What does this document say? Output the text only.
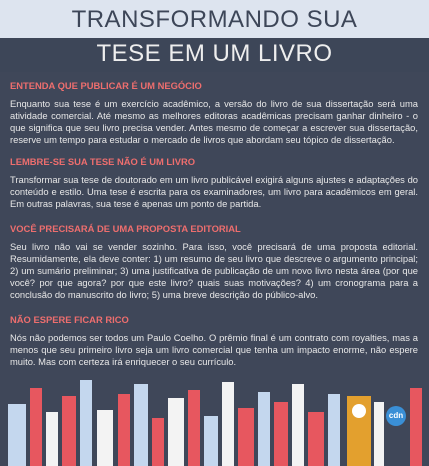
TRANSFORMANDO SUA
TESE EM UM LIVRO

ENTENDA QUE PUBLICAR É UM NEGÓCIO

Enquanto sua tese é um exercício acadêmico, a versão do livro de sua dissertação será uma atividade comercial. Até mesmo as melhores editoras acadêmicas precisam ganhar dinheiro - o que significa que seu livro precisa vender. Antes mesmo de começar a escrever sua dissertação, reserve um tempo para estudar o mercado de livros que abordam seu tópico de dissertação.

LEMBRE-SE SUA TESE NÃO É UM LIVRO

Transformar sua tese de doutorado em um livro publicável exigirá alguns ajustes e adaptações do conteúdo e estilo. Uma tese é escrita para os examinadores, um livro para acadêmicos em geral. Em outras palavras, sua tese é apenas um ponto de partida.

VOCÊ PRECISARÁ DE UMA PROPOSTA EDITORIAL

Seu livro não vai se vender sozinho. Para isso, você precisará de uma proposta editorial. Resumidamente, ela deve conter: 1) um resumo de seu livro que descreve o argumento principal; 2) um sumário preliminar; 3) uma justificativa de publicação de um novo livro nesta área (por que você? por que agora? por que este livro? quais suas motivações? 4) um cronograma para a conclusão do manuscrito do livro; 5) uma breve descrição do público-alvo.

NÃO ESPERE FICAR RICO

Nós não podemos ser todos um Paulo Coelho. O prêmio final é um contrato com royalties, mas a menos que seu primeiro livro seja um livro comercial que tenha um impacto enorme, não espere muito. Mas com certeza irá enriquecer o seu currículo.

cdn
